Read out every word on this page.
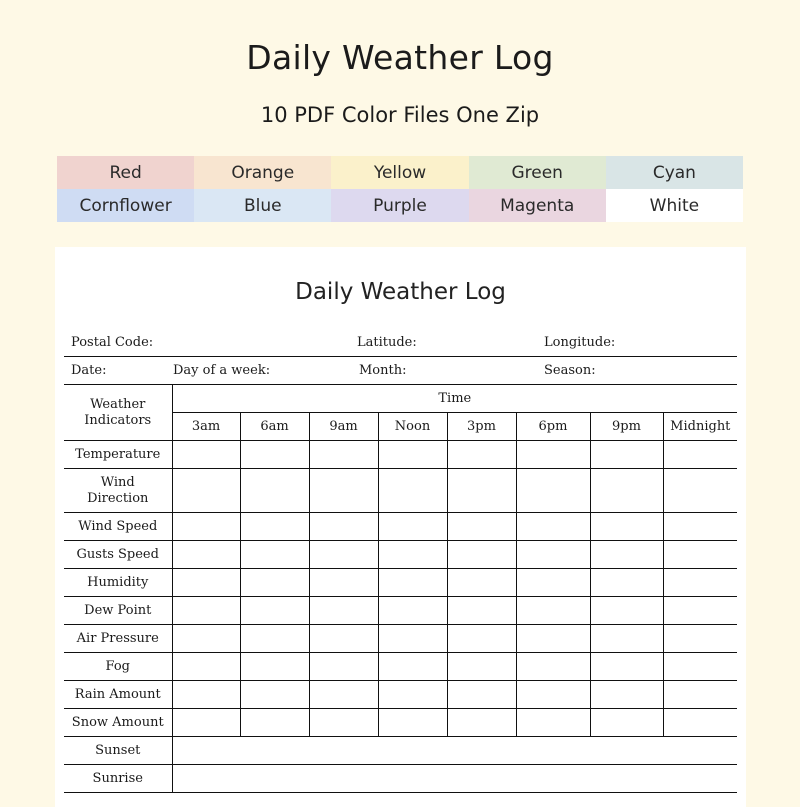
Daily Weather Log
10 PDF Color Files One Zip
Red	Orange	Yellow	Green	Cyan
Cornflower	Blue	Purple	Magenta	White
Daily Weather Log
Postal Code:	Latitude:	Longitude:
Date:	Day of a week:	Month:	Season:
Weather Indicators	Time							
	3am	6am	9am	Noon	3pm	6pm	9pm	Midnight
Temperature								
Wind Direction								
Wind Speed								
Gusts Speed								
Humidity								
Dew Point								
Air Pressure								
Fog								
Rain Amount								
Snow Amount								
Sunset								
Sunrise								
